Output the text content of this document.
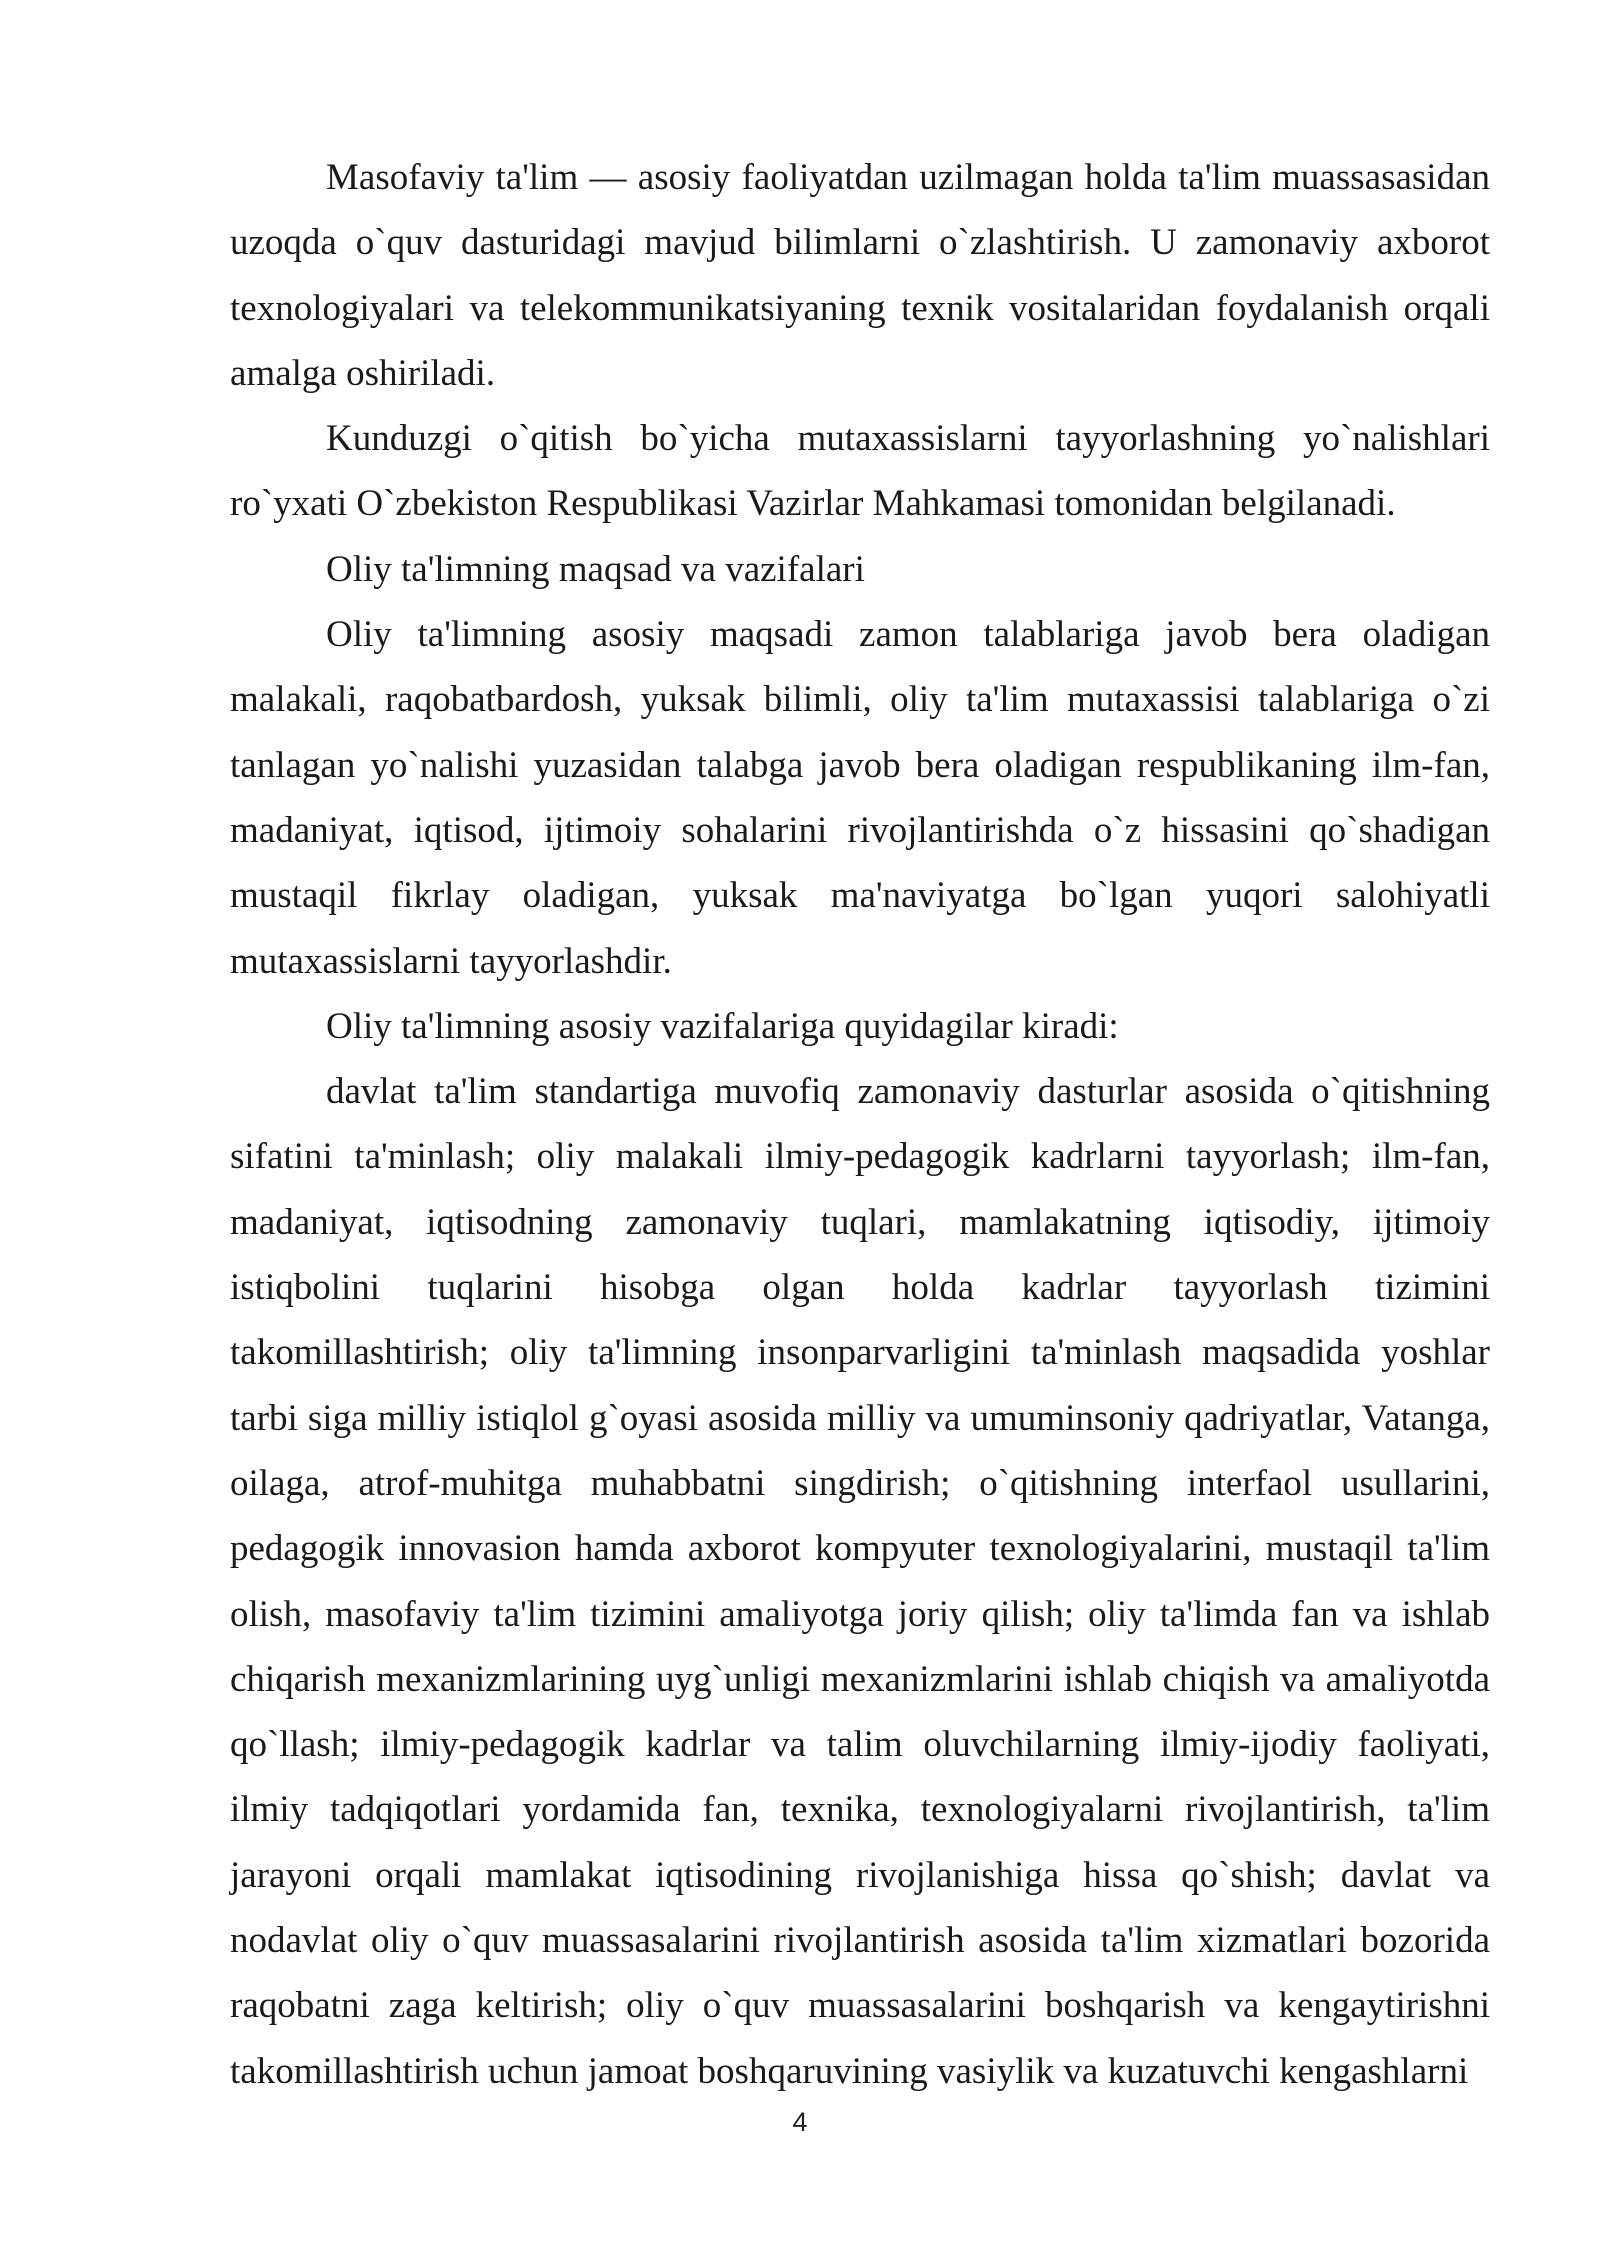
Masofaviy ta'lim — asosiy faoliyatdan uzilmagan holda ta'lim muassasasidan uzoqda o`quv dasturidagi mavjud bilimlarni o`zlashtirish. U zamonaviy axborot texnologiyalari va telekommunikatsiyaning texnik vositalaridan foydalanish orqali amalga oshiriladi.

Kunduzgi o`qitish bo`yicha mutaxassislarni tayyorlashning yo`nalishlari ro`yxati O`zbekiston Respublikasi Vazirlar Mahkamasi tomonidan belgilanadi.

Oliy ta'limning maqsad va vazifalari

Oliy ta'limning asosiy maqsadi zamon talablariga javob bera oladigan malakali, raqobatbardosh, yuksak bilimli, oliy ta'lim mutaxassisi talablariga o`zi tanlagan yo`nalishi yuzasidan talabga javob bera oladigan respublikaning ilm-fan, madaniyat, iqtisod, ijtimoiy sohalarini rivojlantirishda o`z hissasini qo`shadigan mustaqil fikrlay oladigan, yuksak ma'naviyatga bo`lgan yuqori salohiyatli mutaxassislarni tayyorlashdir.

Oliy ta'limning asosiy vazifalariga quyidagilar kiradi:

davlat ta'lim standartiga muvofiq zamonaviy dasturlar asosida o`qitishning sifatini ta'minlash; oliy malakali ilmiy-pedagogik kadrlarni tayyorlash; ilm-fan, madaniyat, iqtisodning zamonaviy tuqlari, mamlakatning iqtisodiy, ijtimoiy istiqbolini tuqlarini hisobga olgan holda kadrlar tayyorlash tizimini takomillashtirish; oliy ta'limning insonparvarligini ta'minlash maqsadida yoshlar tarbi siga milliy istiqlol g`oyasi asosida milliy va umuminsoniy qadriyatlar, Vatanga, oilaga, atrof-muhitga muhabbatni singdirish; o`qitishning interfaol usullarini, pedagogik innovasion hamda axborot kompyuter texnologiyalarini, mustaqil ta'lim olish, masofaviy ta'lim tizimini amaliyotga joriy qilish; oliy ta'limda fan va ishlab chiqarish mexanizmlarining uyg`unligi mexanizmlarini ishlab chiqish va amaliyotda qo`llash; ilmiy-pedagogik kadrlar va talim oluvchilarning ilmiy-ijodiy faoliyati, ilmiy tadqiqotlari yordamida fan, texnika, texnologiyalarni rivojlantirish, ta'lim jarayoni orqali mamlakat iqtisodining rivojlanishiga hissa qo`shish; davlat va nodavlat oliy o`quv muassasalarini rivojlantirish asosida ta'lim xizmatlari bozorida raqobatni zaga keltirish; oliy o`quv muassasalarini boshqarish va kengaytirishni takomillashtirish uchun jamoat boshqaruvining vasiylik va kuzatuvchi kengashlarni

4
